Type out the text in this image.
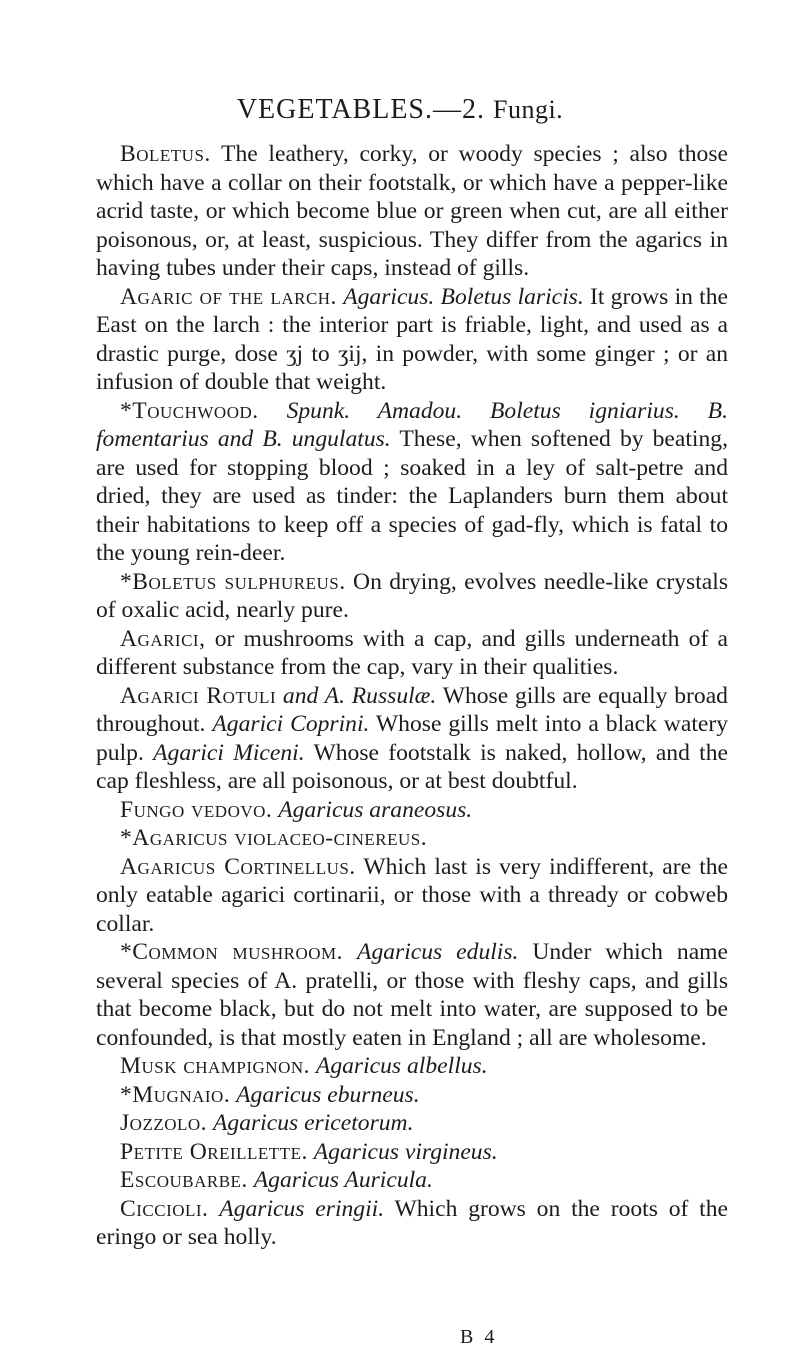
VEGETABLES.—2. Fungi.

Boletus. The leathery, corky, or woody species ; also those which have a collar on their footstalk, or which have a pepper-like acrid taste, or which become blue or green when cut, are all either poisonous, or, at least, suspicious. They differ from the agarics in having tubes under their caps, instead of gills.

Agaric of the larch. Agaricus. Boletus laricis. It grows in the East on the larch : the interior part is friable, light, and used as a drastic purge, dose ʒj to ʒij, in powder, with some ginger ; or an infusion of double that weight.

*Touchwood. Spunk. Amadou. Boletus igniarius. B. fomentarius and B. ungulatus. These, when softened by beating, are used for stopping blood ; soaked in a ley of salt-petre and dried, they are used as tinder: the Laplanders burn them about their habitations to keep off a species of gad-fly, which is fatal to the young rein-deer.

*Boletus sulphureus. On drying, evolves needle-like crystals of oxalic acid, nearly pure.

Agarici, or mushrooms with a cap, and gills underneath of a different substance from the cap, vary in their qualities.

Agarici Rotuli and A. Russulæ. Whose gills are equally broad throughout. Agarici Coprini. Whose gills melt into a black watery pulp. Agarici Miceni. Whose footstalk is naked, hollow, and the cap fleshless, are all poisonous, or at best doubtful.

Fungo vedovo. Agaricus araneosus.

*Agaricus violaceo-cinereus.

Agaricus Cortinellus. Which last is very indifferent, are the only eatable agarici cortinarii, or those with a thready or cobweb collar.

*Common mushroom. Agaricus edulis. Under which name several species of A. pratelli, or those with fleshy caps, and gills that become black, but do not melt into water, are supposed to be confounded, is that mostly eaten in England ; all are wholesome.

Musk champignon. Agaricus albellus.

*Mugnaio. Agaricus eburneus.

Jozzolo. Agaricus ericetorum.

Petite Oreillette. Agaricus virgineus.

Escoubarbe. Agaricus Auricula.

Ciccioli. Agaricus eringii. Which grows on the roots of the eringo or sea holly.

B 4
